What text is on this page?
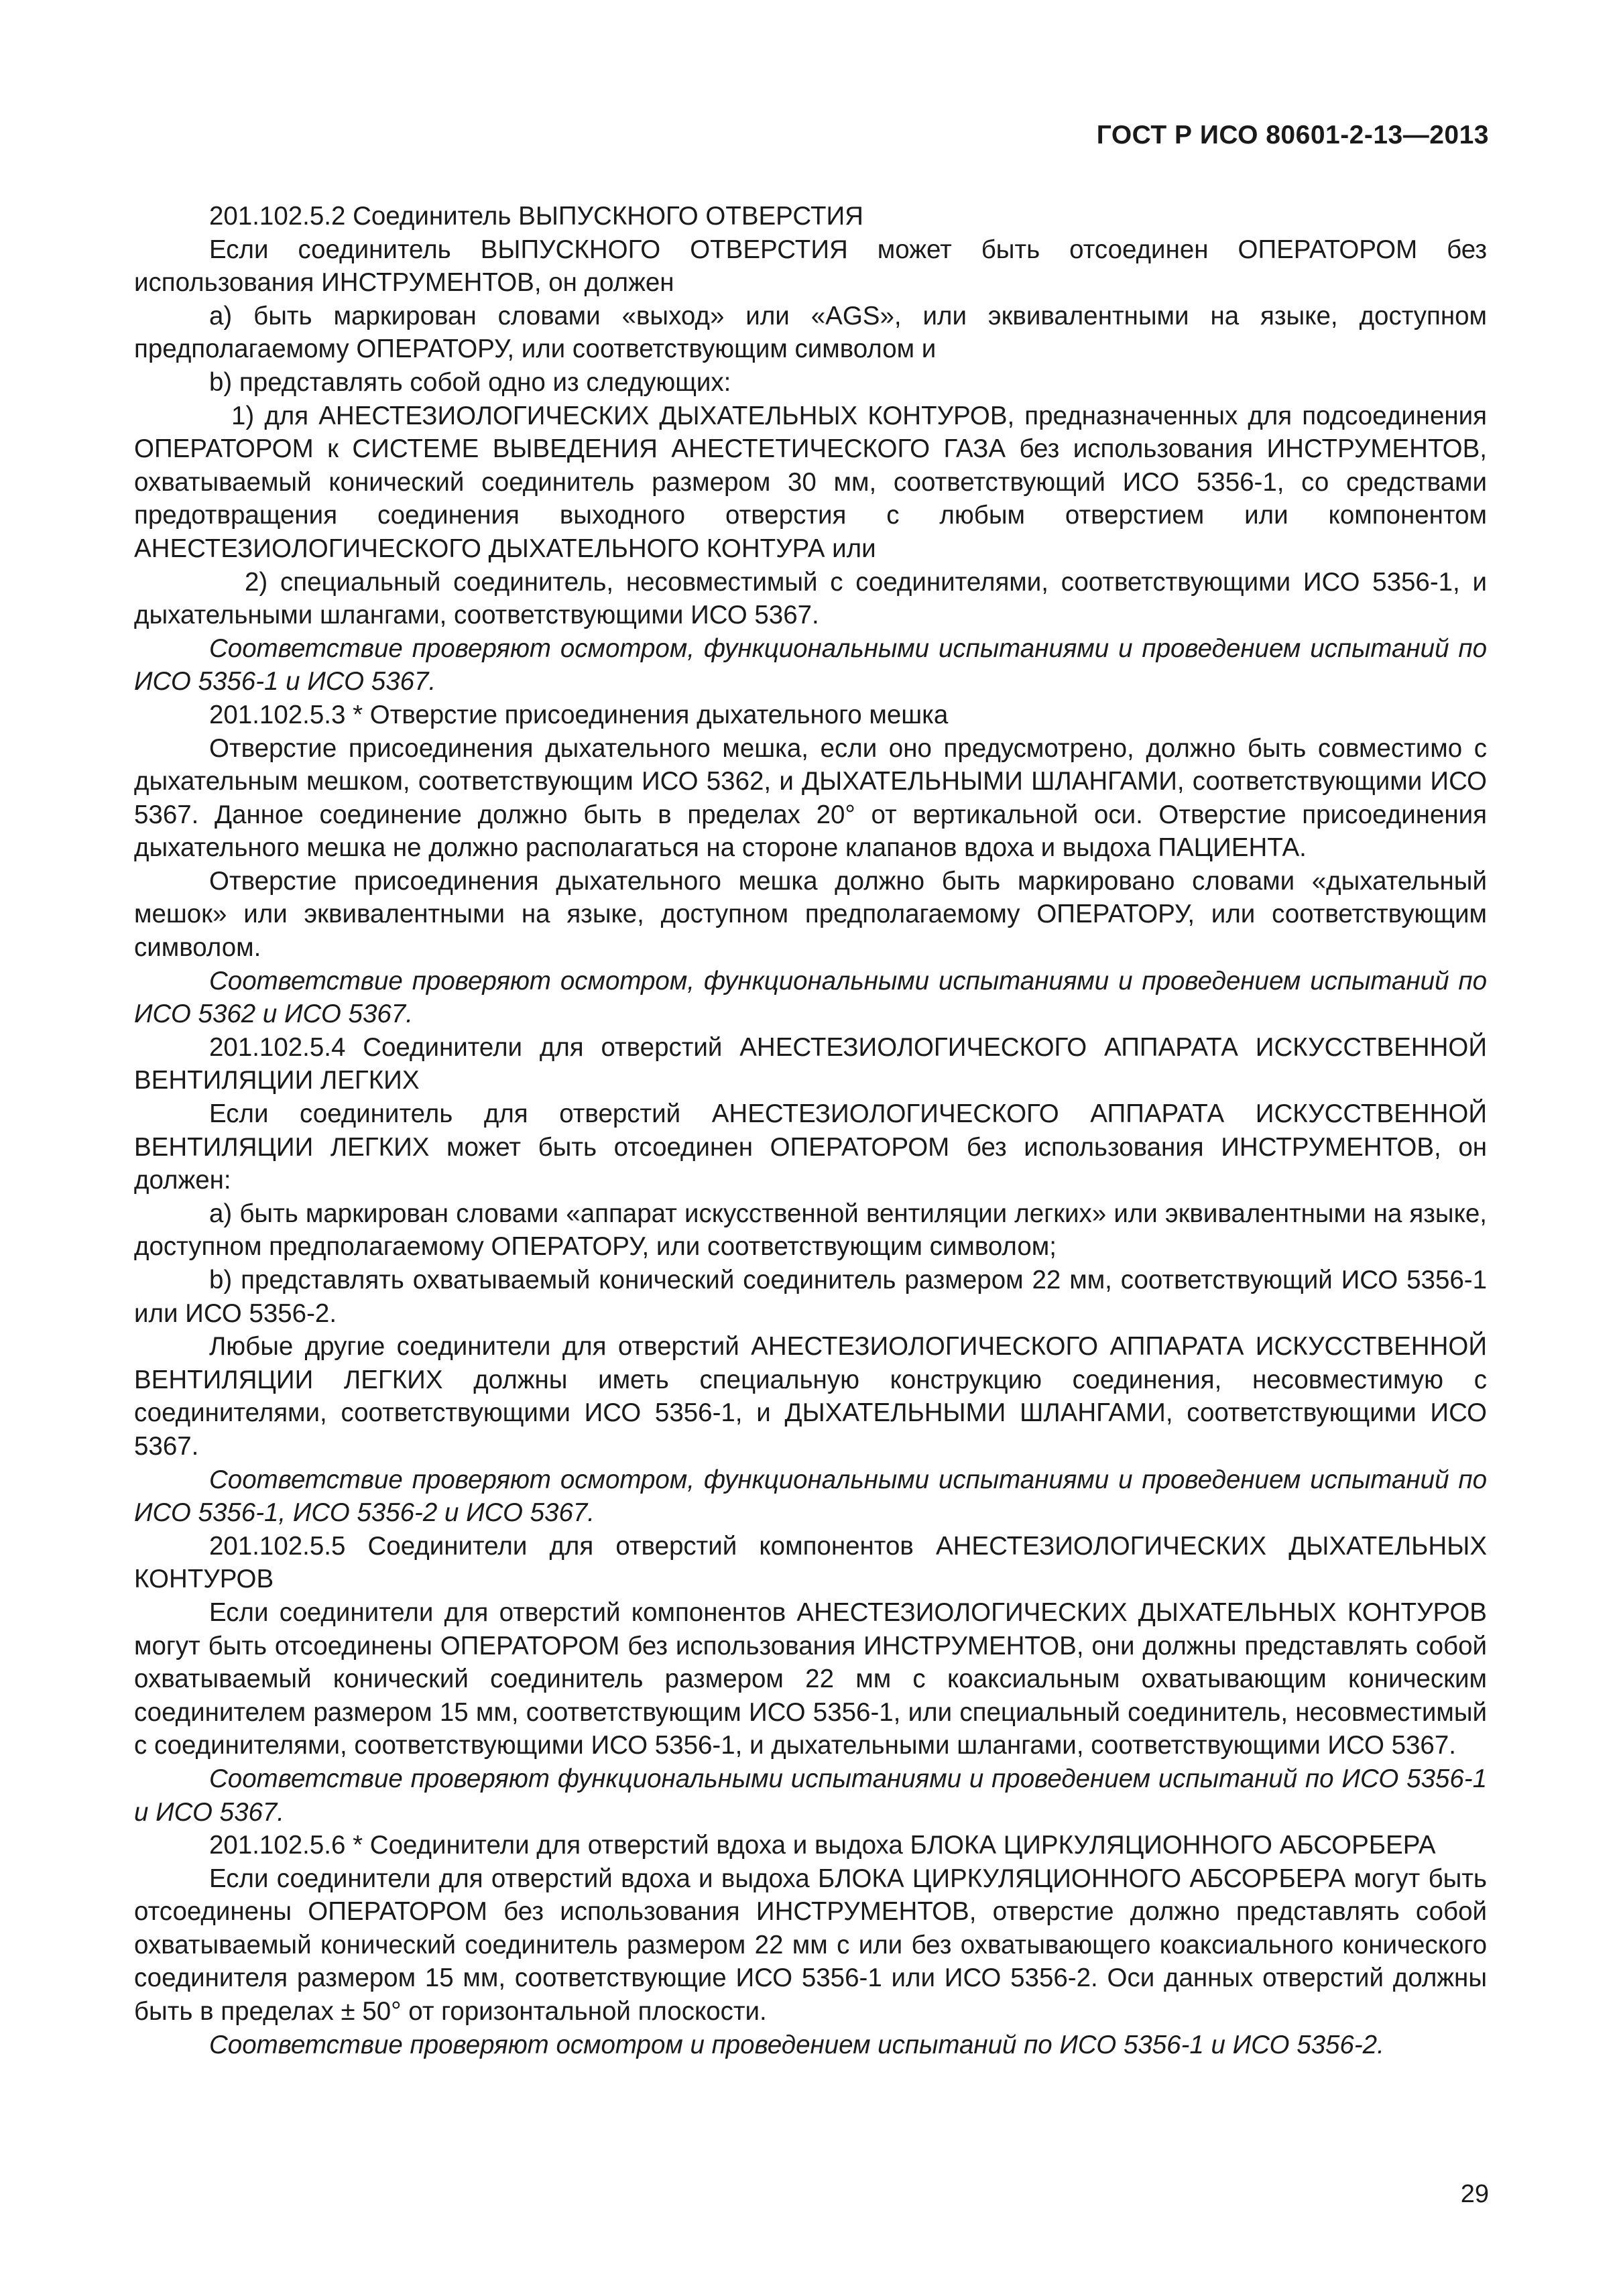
ГОСТ Р ИСО 80601-2-13—2013

201.102.5.2 Соединитель ВЫПУСКНОГО ОТВЕРСТИЯ

Если соединитель ВЫПУСКНОГО ОТВЕРСТИЯ может быть отсоединен ОПЕРАТОРОМ без использования ИНСТРУМЕНТОВ, он должен

a) быть маркирован словами «выход» или «AGS», или эквивалентными на языке, доступном предполагаемому ОПЕРАТОРУ, или соответствующим символом и

b) представлять собой одно из следующих:

1) для АНЕСТЕЗИОЛОГИЧЕСКИХ ДЫХАТЕЛЬНЫХ КОНТУРОВ, предназначенных для подсоединения ОПЕРАТОРОМ к СИСТЕМЕ ВЫВЕДЕНИЯ АНЕСТЕТИЧЕСКОГО ГАЗА без использования ИНСТРУМЕНТОВ, охватываемый конический соединитель размером 30 мм, соответствующий ИСО 5356-1, со средствами предотвращения соединения выходного отверстия с любым отверстием или компонентом АНЕСТЕЗИОЛОГИЧЕСКОГО ДЫХАТЕЛЬНОГО КОНТУРА или

2) специальный соединитель, несовместимый с соединителями, соответствующими ИСО 5356-1, и дыхательными шлангами, соответствующими ИСО 5367.

Соответствие проверяют осмотром, функциональными испытаниями и проведением испытаний по ИСО 5356-1 и ИСО 5367.

201.102.5.3 * Отверстие присоединения дыхательного мешка

Отверстие присоединения дыхательного мешка, если оно предусмотрено, должно быть совместимо с дыхательным мешком, соответствующим ИСО 5362, и ДЫХАТЕЛЬНЫМИ ШЛАНГАМИ, соответствующими ИСО 5367. Данное соединение должно быть в пределах 20° от вертикальной оси. Отверстие присоединения дыхательного мешка не должно располагаться на стороне клапанов вдоха и выдоха ПАЦИЕНТА.

Отверстие присоединения дыхательного мешка должно быть маркировано словами «дыхательный мешок» или эквивалентными на языке, доступном предполагаемому ОПЕРАТОРУ, или соответствующим символом.

Соответствие проверяют осмотром, функциональными испытаниями и проведением испытаний по ИСО 5362 и ИСО 5367.

201.102.5.4 Соединители для отверстий АНЕСТЕЗИОЛОГИЧЕСКОГО АППАРАТА ИСКУССТВЕННОЙ ВЕНТИЛЯЦИИ ЛЕГКИХ

Если соединитель для отверстий АНЕСТЕЗИОЛОГИЧЕСКОГО АППАРАТА ИСКУССТВЕННОЙ ВЕНТИЛЯЦИИ ЛЕГКИХ может быть отсоединен ОПЕРАТОРОМ без использования ИНСТРУМЕНТОВ, он должен:

a) быть маркирован словами «аппарат искусственной вентиляции легких» или эквивалентными на языке, доступном предполагаемому ОПЕРАТОРУ, или соответствующим символом;

b) представлять охватываемый конический соединитель размером 22 мм, соответствующий ИСО 5356-1 или ИСО 5356-2.

Любые другие соединители для отверстий АНЕСТЕЗИОЛОГИЧЕСКОГО АППАРАТА ИСКУССТВЕННОЙ ВЕНТИЛЯЦИИ ЛЕГКИХ должны иметь специальную конструкцию соединения, несовместимую с соединителями, соответствующими ИСО 5356-1, и ДЫХАТЕЛЬНЫМИ ШЛАНГАМИ, соответствующими ИСО 5367.

Соответствие проверяют осмотром, функциональными испытаниями и проведением испытаний по ИСО 5356-1, ИСО 5356-2 и ИСО 5367.

201.102.5.5 Соединители для отверстий компонентов АНЕСТЕЗИОЛОГИЧЕСКИХ ДЫХАТЕЛЬНЫХ КОНТУРОВ

Если соединители для отверстий компонентов АНЕСТЕЗИОЛОГИЧЕСКИХ ДЫХАТЕЛЬНЫХ КОНТУРОВ могут быть отсоединены ОПЕРАТОРОМ без использования ИНСТРУМЕНТОВ, они должны представлять собой охватываемый конический соединитель размером 22 мм с коаксиальным охватывающим коническим соединителем размером 15 мм, соответствующим ИСО 5356-1, или специальный соединитель, несовместимый с соединителями, соответствующими ИСО 5356-1, и дыхательными шлангами, соответствующими ИСО 5367.

Соответствие проверяют функциональными испытаниями и проведением испытаний по ИСО 5356-1 и ИСО 5367.

201.102.5.6 * Соединители для отверстий вдоха и выдоха БЛОКА ЦИРКУЛЯЦИОННОГО АБСОРБЕРА

Если соединители для отверстий вдоха и выдоха БЛОКА ЦИРКУЛЯЦИОННОГО АБСОРБЕРА могут быть отсоединены ОПЕРАТОРОМ без использования ИНСТРУМЕНТОВ, отверстие должно представлять собой охватываемый конический соединитель размером 22 мм с или без охватывающего коаксиального конического соединителя размером 15 мм, соответствующие ИСО 5356-1 или ИСО 5356-2. Оси данных отверстий должны быть в пределах ± 50° от горизонтальной плоскости.

Соответствие проверяют осмотром и проведением испытаний по ИСО 5356-1 и ИСО 5356-2.

29
